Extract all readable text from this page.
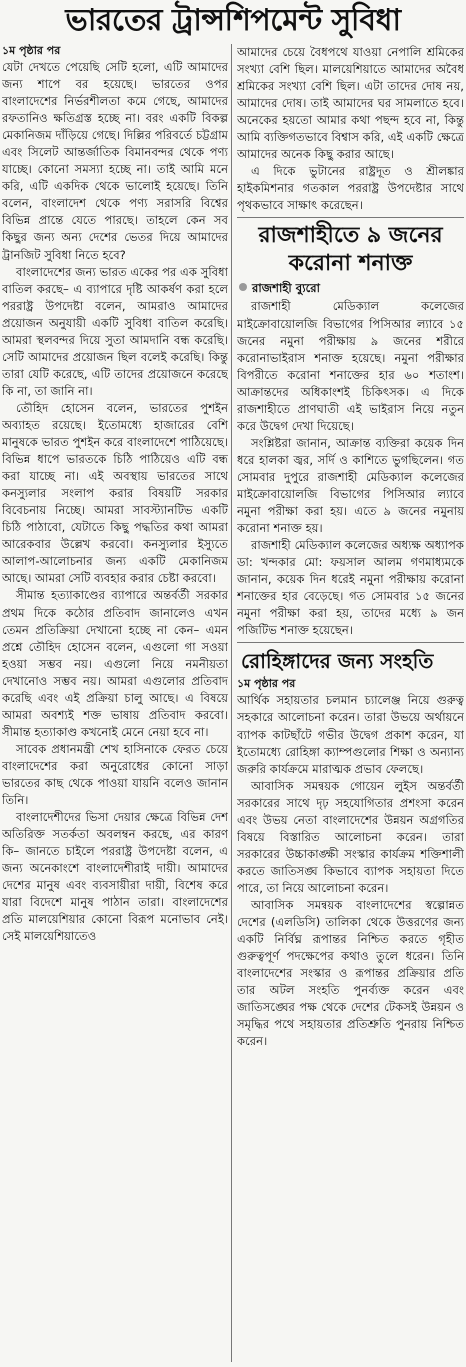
ভারতের ট্রান্সশিপমেন্ট সুবিধা
১ম পৃষ্ঠার পর

যেটা দেখতে পেয়েছি সেটি হলো, এটি আমাদের জন্য শাপে বর হয়েছে। ভারতের ওপর বাংলাদেশের নির্ভরশীলতা কমে গেছে, আমাদের রফতানিও ক্ষতিগ্রস্ত হচ্ছে না। বরং একটি বিকল্প মেকানিজম দাঁড়িয়ে গেছে। দিল্লির পরিবর্তে চট্টগ্রাম এবং সিলেট আন্তর্জাতিক বিমানবন্দর থেকে পণ্য যাচ্ছে। কোনো সমস্যা হচ্ছে না। তাই আমি মনে করি, এটি একদিক থেকে ভালোই হয়েছে। তিনি বলেন, বাংলাদেশ থেকে পণ্য সরাসরি বিশ্বের বিভিন্ন প্রান্তে যেতে পারছে। তাহলে কেন সব কিছুর জন্য অন্য দেশের ভেতর দিয়ে আমাদের ট্রানজিট সুবিধা নিতে হবে?

বাংলাদেশের জন্য ভারত একের পর এক সুবিধা বাতিল করছে– এ ব্যাপারে দৃষ্টি আকর্ষণ করা হলে পররাষ্ট্র উপদেষ্টা বলেন, আমরাও আমাদের প্রয়োজন অনুযায়ী একটি সুবিধা বাতিল করেছি। আমরা স্থলবন্দর দিয়ে সুতা আমদানি বন্ধ করেছি। সেটি আমাদের প্রয়োজন ছিল বলেই করেছি। কিন্তু তারা যেটি করেছে, এটি তাদের প্রয়োজনে করেছে কি না, তা জানি না।

তৌহিদ হোসেন বলেন, ভারতের পুশইন অব্যাহত রয়েছে। ইতোমধ্যে হাজারের বেশি মানুষকে ভারত পুশইন করে বাংলাদেশে পাঠিয়েছে। বিভিন্ন ধাপে ভারতকে চিঠি পাঠিয়েও এটি বন্ধ করা যাচ্ছে না। এই অবস্থায় ভারতের সাথে কনস্যুলার সংলাপ করার বিষয়টি সরকার বিবেচনায় নিচ্ছে। আমরা সাবস্ট্যানটিভ একটি চিঠি পাঠাবো, যেটাতে কিছু পদ্ধতির কথা আমরা আরেকবার উল্লেখ করবো। কনস্যুলার ইস্যুতে আলাপ-আলোচনার জন্য একটি মেকানিজম আছে। আমরা সেটি ব্যবহার করার চেষ্টা করবো।

সীমান্ত হত্যাকাণ্ডের ব্যাপারে অন্তর্বর্তী সরকার প্রথম দিকে কঠোর প্রতিবাদ জানালেও এখন তেমন প্রতিক্রিয়া দেখানো হচ্ছে না কেন– এমন প্রশ্নে তৌহিদ হোসেন বলেন, এগুলো গা সওয়া হওয়া সম্ভব নয়। এগুলো নিয়ে নমনীয়তা দেখানোও সম্ভব নয়। আমরা এগুলোর প্রতিবাদ করেছি এবং এই প্রক্রিয়া চালু আছে। এ বিষয়ে আমরা অবশ্যই শক্ত ভাষায় প্রতিবাদ করবো। সীমান্ত হত্যাকাণ্ড কখনোই মেনে নেয়া হবে না।

সাবেক প্রধানমন্ত্রী শেখ হাসিনাকে ফেরত চেয়ে বাংলাদেশের করা অনুরোধের কোনো সাড়া ভারতের কাছ থেকে পাওয়া যায়নি বলেও জানান তিনি।

বাংলাদেশীদের ভিসা দেয়ার ক্ষেত্রে বিভিন্ন দেশ অতিরিক্ত সতর্কতা অবলম্বন করছে, এর কারণ কি– জানতে চাইলে পররাষ্ট্র উপদেষ্টা বলেন, এ জন্য অনেকাংশে বাংলাদেশীরাই দায়ী। আমাদের দেশের মানুষ এবং ব্যবসায়ীরা দায়ী, বিশেষ করে যারা বিদেশে মানুষ পাঠান তারা। বাংলাদেশের প্রতি মালয়েশিয়ার কোনো বিরূপ মনোভাব নেই। সেই মালয়েশিয়াতেও

আমাদের চেয়ে বৈধপথে যাওয়া নেপালি শ্রমিকের সংখ্যা বেশি ছিল। মালয়েশিয়াতে আমাদের অবৈধ শ্রমিকের সংখ্যা বেশি ছিল। এটা তাদের দোষ নয়, আমাদের দোষ। তাই আমাদের ঘর সামলাতে হবে। অনেকের হয়তো আমার কথা পছন্দ হবে না, কিন্তু আমি ব্যক্তিগতভাবে বিশ্বাস করি, এই একটি ক্ষেত্রে আমাদের অনেক কিছু করার আছে।

এ দিকে ভুটানের রাষ্ট্রদূত ও শ্রীলঙ্কার হাইকমিশনার গতকাল পররাষ্ট্র উপদেষ্টার সাথে পৃথকভাবে সাক্ষাৎ করেছেন।

রাজশাহীতে ৯ জনের করোনা শনাক্ত
রাজশাহী ব্যুরো

রাজশাহী মেডিক্যাল কলেজের মাইক্রোবায়োলজি বিভাগের পিসিআর ল্যাবে ১৫ জনের নমুনা পরীক্ষায় ৯ জনের শরীরে করোনাভাইরাস শনাক্ত হয়েছে। নমুনা পরীক্ষার বিপরীতে করোনা শনাক্তের হার ৬০ শতাংশ। আক্রান্তদের অধিকাংশই চিকিৎসক। এ দিকে রাজশাহীতে প্রাণঘাতী এই ভাইরাস নিয়ে নতুন করে উদ্বেগ দেখা দিয়েছে।

সংশ্লিষ্টরা জানান, আক্রান্ত ব্যক্তিরা কয়েক দিন ধরে হালকা জ্বর, সর্দি ও কাশিতে ভুগছিলেন। গত সোমবার দুপুরে রাজশাহী মেডিক্যাল কলেজের মাইক্রোবায়োলজি বিভাগের পিসিআর ল্যাবে নমুনা পরীক্ষা করা হয়। এতে ৯ জনের নমুনায় করোনা শনাক্ত হয়।

রাজশাহী মেডিক্যাল কলেজের অধ্যক্ষ অধ্যাপক ডা: খন্দকার মো: ফয়সাল আলম গণমাধ্যমকে জানান, কয়েক দিন ধরেই নমুনা পরীক্ষায় করোনা শনাক্তের হার বেড়েছে। গত সোমবার ১৫ জনের নমুনা পরীক্ষা করা হয়, তাদের মধ্যে ৯ জন পজিটিভ শনাক্ত হয়েছেন।

রোহিঙ্গাদের জন্য সংহতি
১ম পৃষ্ঠার পর

আর্থিক সহায়তার চলমান চ্যালেঞ্জ নিয়ে গুরুত্ব সহকারে আলোচনা করেন। তারা উভয়ে অর্থায়নে ব্যাপক কাটছাঁটে গভীর উদ্বেগ প্রকাশ করেন, যা ইতোমধ্যে রোহিঙ্গা ক্যাম্পগুলোর শিক্ষা ও অন্যান্য জরুরি কার্যক্রমে মারাত্মক প্রভাব ফেলছে।

আবাসিক সমন্বয়ক গোয়েন লুইস অন্তর্বর্তী সরকারের সাথে দৃঢ় সহযোগিতার প্রশংসা করেন এবং উভয় নেতা বাংলাদেশের উন্নয়ন অগ্রগতির বিষয়ে বিস্তারিত আলোচনা করেন। তারা সরকারের উচ্চাকাঙ্ক্ষী সংস্কার কার্যক্রম শক্তিশালী করতে জাতিসঙ্ঘ কিভাবে ব্যাপক সহায়তা দিতে পারে, তা নিয়ে আলোচনা করেন।

আবাসিক সমন্বয়ক বাংলাদেশের স্বল্পোন্নত দেশের (এলডিসি) তালিকা থেকে উত্তরণের জন্য একটি নির্বিঘ্ন রূপান্তর নিশ্চিত করতে গৃহীত গুরুত্বপূর্ণ পদক্ষেপের কথাও তুলে ধরেন। তিনি বাংলাদেশের সংস্কার ও রূপান্তর প্রক্রিয়ার প্রতি তার অটল সংহতি পুনর্ব্যক্ত করেন এবং জাতিসঙ্ঘের পক্ষ থেকে দেশের টেকসই উন্নয়ন ও সমৃদ্ধির পথে সহায়তার প্রতিশ্রুতি পুনরায় নিশ্চিত করেন।
